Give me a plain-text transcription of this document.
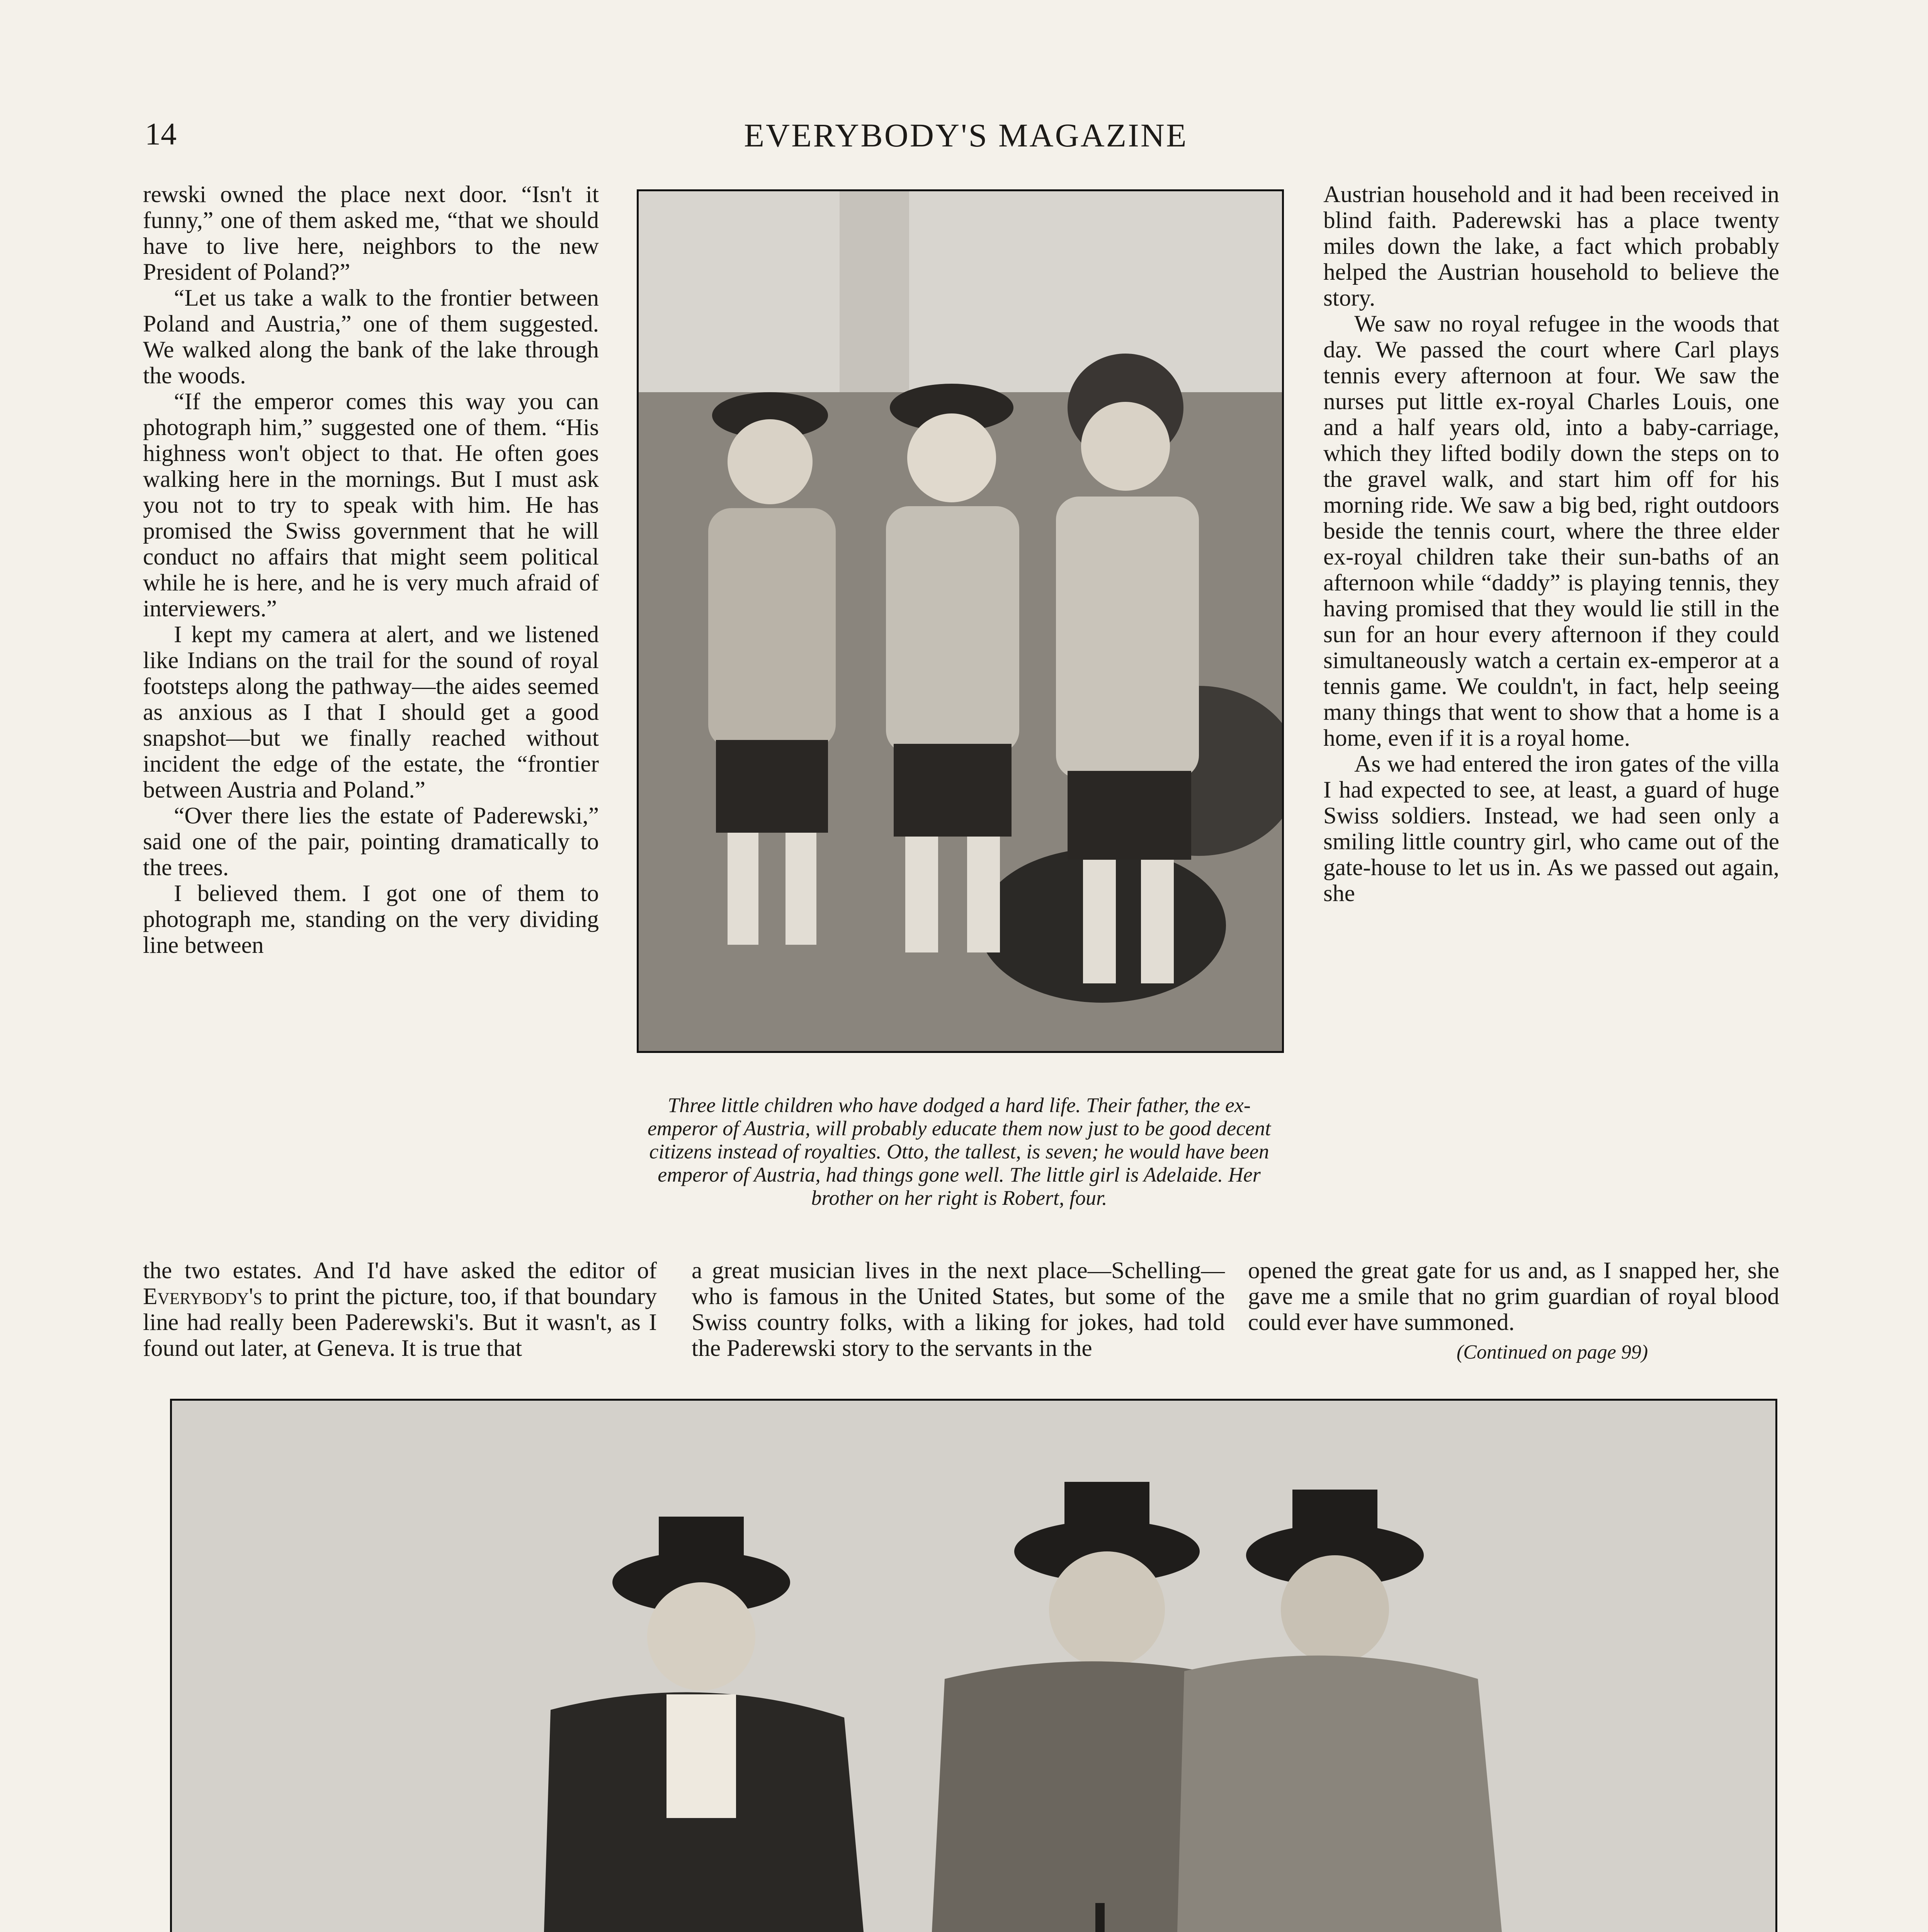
14	EVERYBODY'S MAGAZINE

rewski owned the place next door. “Isn't it funny,” one of them asked me, “that we should have to live here, neighbors to the new President of Poland?”

“Let us take a walk to the frontier between Poland and Austria,” one of them suggested. We walked along the bank of the lake through the woods.

“If the emperor comes this way you can photograph him,” suggested one of them. “His highness won't object to that. He often goes walking here in the mornings. But I must ask you not to try to speak with him. He has promised the Swiss government that he will conduct no affairs that might seem political while he is here, and he is very much afraid of interviewers.”

I kept my camera at alert, and we listened like Indians on the trail for the sound of royal footsteps along the pathway—the aides seemed as anxious as I that I should get a good snapshot—but we finally reached without incident the edge of the estate, the “frontier between Austria and Poland.”

“Over there lies the estate of Paderewski,” said one of the pair, pointing dramatically to the trees.

I believed them. I got one of them to photograph me, standing on the very dividing line between

Three little children who have dodged a hard life. Their father, the ex-emperor of Austria, will probably educate them now just to be good decent citizens instead of royalties. Otto, the tallest, is seven; he would have been emperor of Austria, had things gone well. The little girl is Adelaide. Her brother on her right is Robert, four.

Austrian household and it had been received in blind faith. Paderewski has a place twenty miles down the lake, a fact which probably helped the Austrian household to believe the story.

We saw no royal refugee in the woods that day. We passed the court where Carl plays tennis every afternoon at four. We saw the nurses put little ex-royal Charles Louis, one and a half years old, into a baby-carriage, which they lifted bodily down the steps on to the gravel walk, and start him off for his morning ride. We saw a big bed, right outdoors beside the tennis court, where the three elder ex-royal children take their sun-baths of an afternoon while “daddy” is playing tennis, they having promised that they would lie still in the sun for an hour every afternoon if they could simultaneously watch a certain ex-emperor at a tennis game. We couldn't, in fact, help seeing many things that went to show that a home is a home, even if it is a royal home.

As we had entered the iron gates of the villa I had expected to see, at least, a guard of huge Swiss soldiers. Instead, we had seen only a smiling little country girl, who came out of the gate-house to let us in. As we passed out again, she

the two estates. And I'd have asked the editor of Everybody's to print the picture, too, if that boundary line had really been Paderewski's. But it wasn't, as I found out later, at Geneva. It is true that

a great musician lives in the next place—Schelling—who is famous in the United States, but some of the Swiss country folks, with a liking for jokes, had told the Paderewski story to the servants in the

opened the great gate for us and, as I snapped her, she gave me a smile that no grim guardian of royal blood could ever have summoned.

(Continued on page 99)
